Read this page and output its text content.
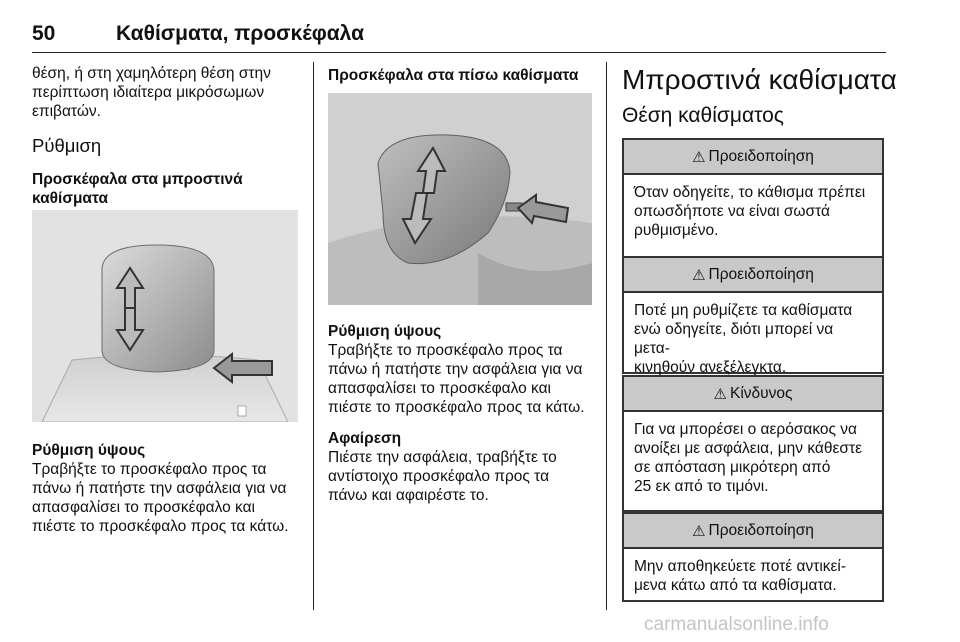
50	Καθίσματα, προσκέφαλα
θέση, ή στη χαμηλότερη θέση στην
περίπτωση ιδιαίτερα μικρόσωμων
επιβατών.
Ρύθμιση
Προσκέφαλα στα μπροστινά
καθίσματα
Ρύθμιση ύψους
Τραβήξτε το προσκέφαλο προς τα
πάνω ή πατήστε την ασφάλεια για να
απασφαλίσει το προσκέφαλο και
πιέστε το προσκέφαλο προς τα κάτω.
Προσκέφαλα στα πίσω καθίσματα
Ρύθμιση ύψους
Τραβήξτε το προσκέφαλο προς τα
πάνω ή πατήστε την ασφάλεια για να
απασφαλίσει το προσκέφαλο και
πιέστε το προσκέφαλο προς τα κάτω.
Αφαίρεση
Πιέστε την ασφάλεια, τραβήξτε το
αντίστοιχο προσκέφαλο προς τα
πάνω και αφαιρέστε το.
Μπροστινά καθίσματα
Θέση καθίσματος
⚠ Προειδοποίηση
Όταν οδηγείτε, το κάθισμα πρέπει
οπωσδήποτε να είναι σωστά
ρυθμισμένο.
⚠ Προειδοποίηση
Ποτέ μη ρυθμίζετε τα καθίσματα
ενώ οδηγείτε, διότι μπορεί να μετα-
κινηθούν ανεξέλεγκτα.
⚠ Κίνδυνος
Για να μπορέσει ο αερόσακος να
ανοίξει με ασφάλεια, μην κάθεστε
σε απόσταση μικρότερη από
25 εκ από το τιμόνι.
⚠ Προειδοποίηση
Μην αποθηκεύετε ποτέ αντικεί-
μενα κάτω από τα καθίσματα.
carmanualsonline.info
